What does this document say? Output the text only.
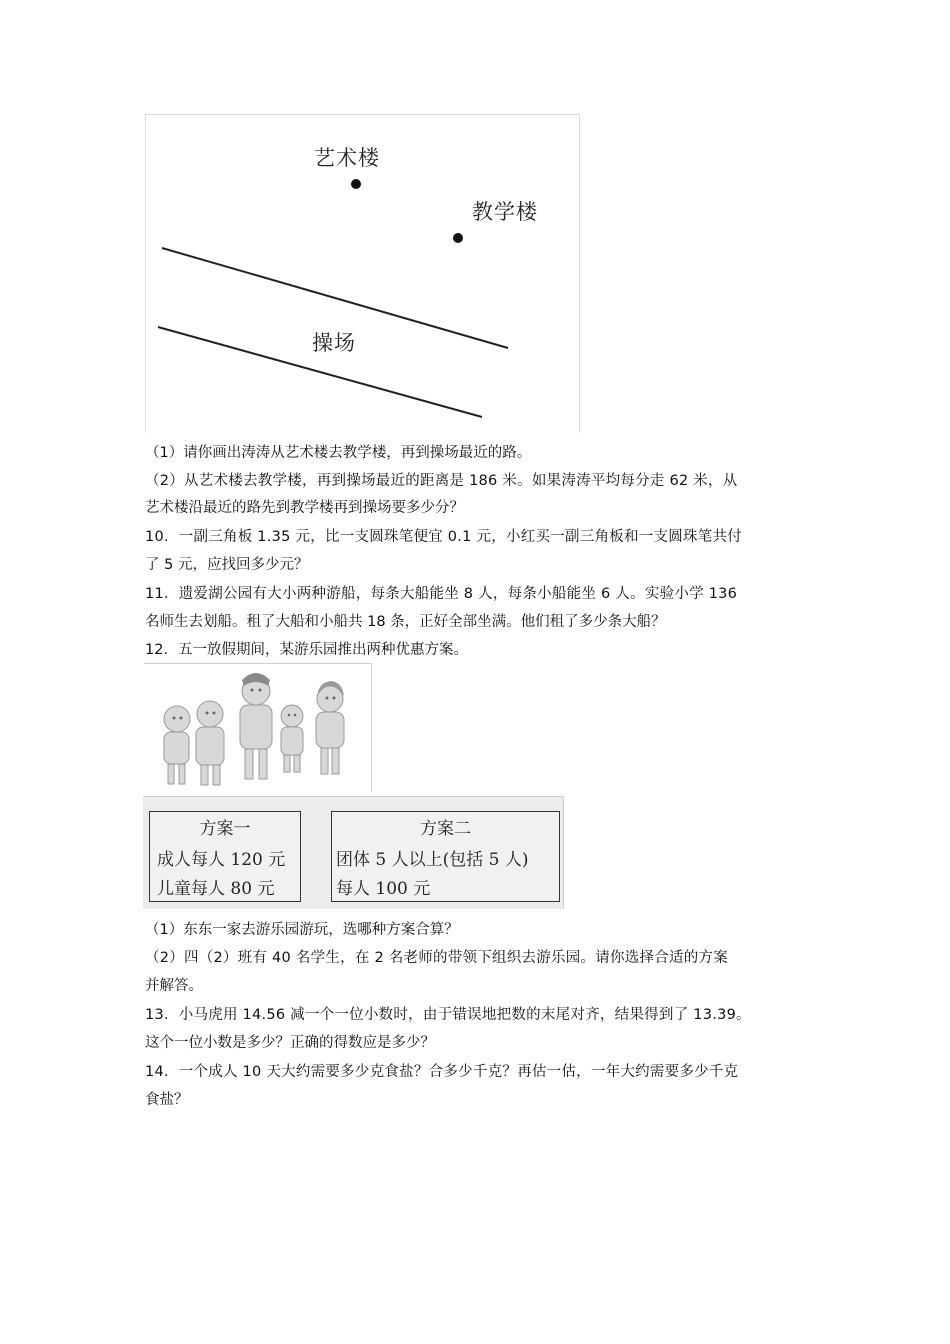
艺术楼
教学楼
操场
（1）请你画出涛涛从艺术楼去教学楼，再到操场最近的路。
（2）从艺术楼去教学楼，再到操场最近的距离是 186 米。如果涛涛平均每分走 62 米，从
艺术楼沿最近的路先到教学楼再到操场要多少分？
10．一副三角板 1.35 元，比一支圆珠笔便宜 0.1 元，小红买一副三角板和一支圆珠笔共付
了 5 元，应找回多少元？
11．遗爱湖公园有大小两种游船，每条大船能坐 8 人，每条小船能坐 6 人。实验小学 136
名师生去划船。租了大船和小船共 18 条，正好全部坐满。他们租了多少条大船？
12．五一放假期间，某游乐园推出两种优惠方案。
方案一
成人每人 120 元
儿童每人 80 元
方案二
团体 5 人以上(包括 5 人)
每人 100 元
（1）东东一家去游乐园游玩，选哪种方案合算？
（2）四（2）班有 40 名学生，在 2 名老师的带领下组织去游乐园。请你选择合适的方案
并解答。
13．小马虎用 14.56 减一个一位小数时，由于错误地把数的末尾对齐，结果得到了 13.39。
这个一位小数是多少？正确的得数应是多少？
14．一个成人 10 天大约需要多少克食盐？合多少千克？再估一估，一年大约需要多少千克
食盐？
